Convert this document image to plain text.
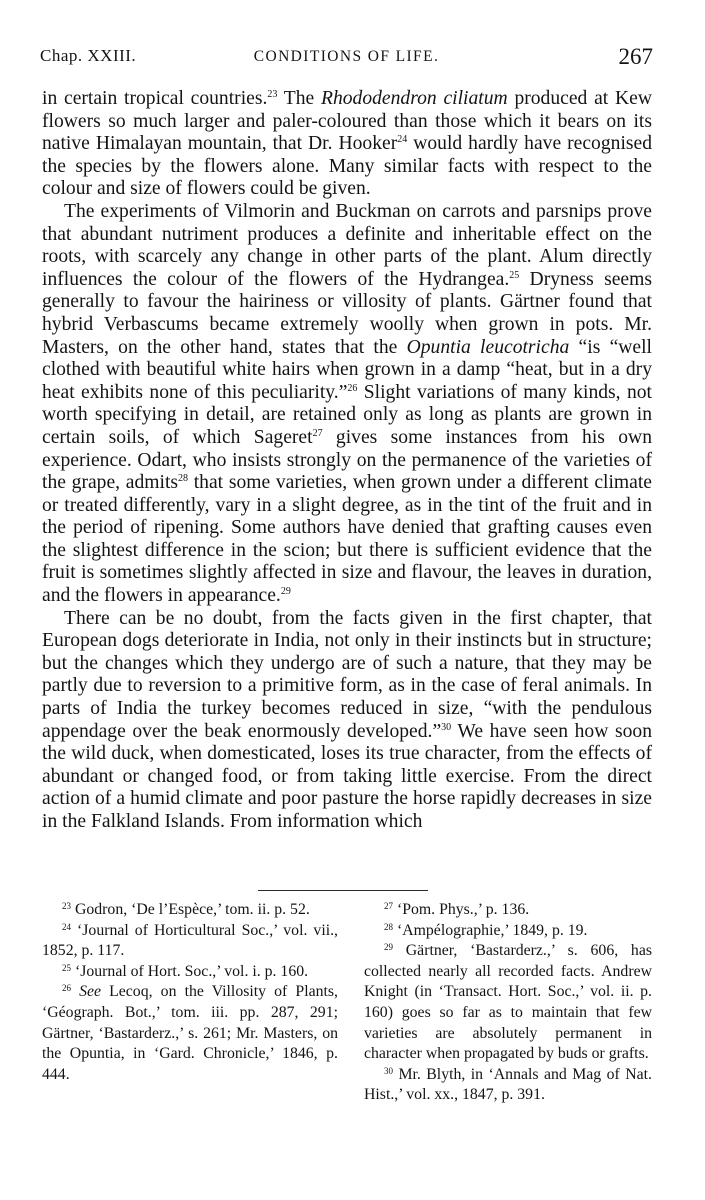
Chap. XXIII.	CONDITIONS OF LIFE.	267

in certain tropical countries.$^{23}$ The Rhododendron ciliatum produced at Kew flowers so much larger and paler-coloured than those which it bears on its native Himalayan mountain, that Dr. Hooker$^{24}$ would hardly have recognised the species by the flowers alone. Many similar facts with respect to the colour and size of flowers could be given.

The experiments of Vilmorin and Buckman on carrots and parsnips prove that abundant nutriment produces a definite and inheritable effect on the roots, with scarcely any change in other parts of the plant. Alum directly influences the colour of the flowers of the Hydrangea.$^{25}$ Dryness seems generally to favour the hairiness or villosity of plants. Gärtner found that hybrid Verbascums became extremely woolly when grown in pots. Mr. Masters, on the other hand, states that the Opuntia leucotricha “is “well clothed with beautiful white hairs when grown in a damp “heat, but in a dry heat exhibits none of this peculiarity.”$^{26}$ Slight variations of many kinds, not worth specifying in detail, are retained only as long as plants are grown in certain soils, of which Sageret$^{27}$ gives some instances from his own experience. Odart, who insists strongly on the permanence of the varieties of the grape, admits$^{28}$ that some varieties, when grown under a different climate or treated differently, vary in a slight degree, as in the tint of the fruit and in the period of ripening. Some authors have denied that grafting causes even the slightest difference in the scion; but there is sufficient evidence that the fruit is sometimes slightly affected in size and flavour, the leaves in duration, and the flowers in appearance.$^{29}$

There can be no doubt, from the facts given in the first chapter, that European dogs deteriorate in India, not only in their instincts but in structure; but the changes which they undergo are of such a nature, that they may be partly due to reversion to a primitive form, as in the case of feral animals. In parts of India the turkey becomes reduced in size, “with the pendulous appendage over the beak enormously developed.”$^{30}$ We have seen how soon the wild duck, when domesticated, loses its true character, from the effects of abundant or changed food, or from taking little exercise. From the direct action of a humid climate and poor pasture the horse rapidly decreases in size in the Falkland Islands. From information which

$^{23}$ Godron, ‘De l’Espèce,’ tom. ii. p. 52.

$^{24}$ ‘Journal of Horticultural Soc.,’ vol. vii., 1852, p. 117.

$^{25}$ ‘Journal of Hort. Soc.,’ vol. i. p. 160.

$^{26}$ See Lecoq, on the Villosity of Plants, ‘Géograph. Bot.,’ tom. iii. pp. 287, 291; Gärtner, ‘Bastarderz.,’ s. 261; Mr. Masters, on the Opuntia, in ‘Gard. Chronicle,’ 1846, p. 444.

$^{27}$ ‘Pom. Phys.,’ p. 136.

$^{28}$ ‘Ampélographie,’ 1849, p. 19.

$^{29}$ Gärtner, ‘Bastarderz.,’ s. 606, has collected nearly all recorded facts. Andrew Knight (in ‘Transact. Hort. Soc.,’ vol. ii. p. 160) goes so far as to maintain that few varieties are absolutely permanent in character when propagated by buds or grafts.

$^{30}$ Mr. Blyth, in ‘Annals and Mag of Nat. Hist.,’ vol. xx., 1847, p. 391.
